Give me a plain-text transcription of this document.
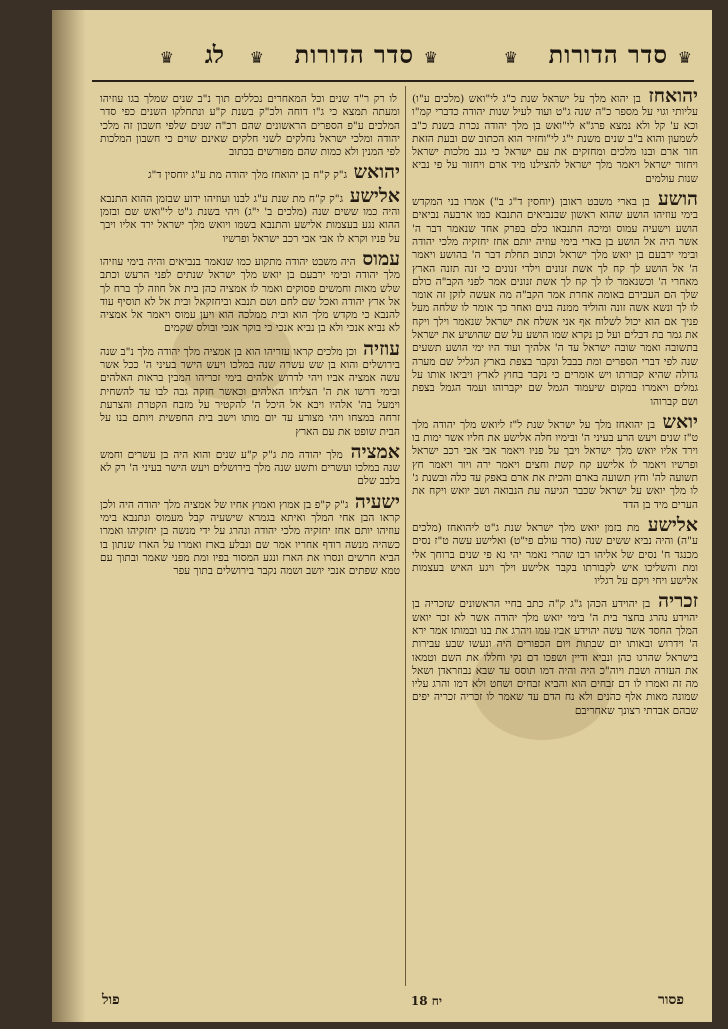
♛
סדר הדורות
♛
♛
סדר הדורות
♛
לג
♛

יהואחז בן יהוא מלך על ישראל שנת כ"ג לי"ואש (מלכים ע"ו) עליותי וגוי על מספר כ"ה שנה ג"ט ועוד לעיל שנות יהודה כדברי קמ"ו וכא ע' קל ולא נמצא פרג"א לי"ואש בן מלך יהודה נכרת בשנת כ"ב לשמעון והוא ב"ב שנים משנת י"ג לי"וחזיר הוא הכתוב שם ובעת הזאת חזר ארם ובנו מלכים ומחזקים את עם ישראל כי גנב מלכות ישראל ויחזור ישראל ויאמר מלך ישראל להצילנו מיד ארם ויחזור על פי נביא שנות עולמים

הושע בן בארי משבט ראובן (יוחסין ד"ג ב") אמרו בני המקדש בימי עוזיהו הושע שהוא ראשון שבנביאים התנבא כמו ארבעה נביאים הושע וישעיה עמוס ומיכה התנבאו כלם בפרק אחד שנאמר דבר ה' אשר היה אל הושע בן בארי בימי עוזיה יותם אחז יחזקיה מלכי יהודה ובימי ירבעם בן יואש מלך ישראל וכתוב תחלת דבר ה' בהושע ויאמר ה' אל הושע לך קח לך אשת זנונים וילדי זנונים כי זנה תזנה הארץ מאחרי ה' וכשנאמר לו לך קח לך אשת זנונים אמר לפני הקב"ה כולם שלך הם העבירם באומה אחרת אמר הקב"ה מה אעשה לזקן זה אומר לו לך ונשא אשה זונה והוליד ממנה בנים ואחר כך אומר לו שלחה מעל פניך אם הוא יכול לשלוח אף אני אשלח את ישראל שנאמר וילך ויקח את גמר בת דבלים ועל כן נקרא שמו הושע על שם שהושיע את ישראל בתשובה ואמר שובה ישראל עד ה' אלהיך ועוד היו ימי הושע תשעים שנה לפי דברי הספרים ומת בבבל ונקבר בצפת בארץ הגליל שם מערה גדולה שהיא קבורתו ויש אומרים כי נקבר בחוץ לארץ ויביאו אותו על גמלים ויאמרו במקום שיעמוד הגמל שם יקברוהו ועמד הגמל בצפת ושם קברוהו

יואש בן יהואחז מלך על ישראל שנת ל"ז ליואש מלך יהודה מלך ט"ז שנים ויעש הרע בעיני ה' ובימיו חלה אלישע את חליו אשר ימות בו וירד אליו יואש מלך ישראל ויבך על פניו ויאמר אבי אבי רכב ישראל ופרשיו ויאמר לו אלישע קח קשת וחצים ויאמר ירה ויור ויאמר חץ תשועה לה' וחץ תשועה בארם והכית את ארם באפק עד כלה ובשנת ג' לו מלך יואש על ישראל שכבר הגיעה עת הנבואה ושב יואש ויקח את הערים מיד בן הדד

אלישע מת בזמן יואש מלך ישראל שנת ג"ט ליהואחז (מלכים ע"ה) והיה נביא ששים שנה (סדר עולם פי"ט) ואלישע עשה ט"ז נסים מכנגד ח' נסים של אליהו רבו שהרי נאמר יהי נא פי שנים ברוחך אלי ומת והשליכו איש לקבורתו בקבר אלישע וילך ויגע האיש בעצמות אלישע ויחי ויקם על רגליו

זכריה בן יהוידע הכהן ג"ג ק"ה כתב בחיי הראשונים שזכריה בן יהוידע נהרג בחצר בית ה' בימי יואש מלך יהודה אשר לא זכר יואש המלך החסד אשר עשה יהוידע אביו עמו ויהרג את בנו ובמותו אמר ירא ה' וידרוש ובאותו יום שבתות ויום הכפורים היה ונעשו שבע עבירות בישראל שהרגו כהן ונביא ודיין ושפכו דם נקי וחללו את השם וטמאו את העזרה ושבת ויוה"כ היה והיה דמו תוסס עד שבא נבוזראדן ושאל מה זה ואמרו לו דם זבחים הוא והביא זבחים ושחט ולא דמו והרג עליו שמונה מאות אלף כהנים ולא נח הדם עד שאמר לו זכריה זכריה יפים שבהם אבדתי רצונך שאחריבם

לו רק ר"ד שנים וכל המאחרים נכללים תוך נ"ב שנים שמלך בגו עוזיהו ומעתה תמצא כי ג"ו דוחה ולכ"ק בשנת ק"ע ונתחלקו השנים כפי סדר המלכים ע"פ הספרים הראשונים שהם רכ"ה שנים שלפי חשבון זה מלכי יהודה ומלכי ישראל נחלקים לשני חלקים שאינם שוים כי חשבון המלכות לפי המנין ולא כמות שהם מפורשים בכתוב

יהואש ג"ק ק"ח בן יהואחז מלך יהודה מת ע"ג יוחסין ד"ג

אלישע ג"ק ק"ח מת שנת ע"ג לבנו ועוזיהו ידוע שבזמן ההוא התנבא והיה כמו ששים שנה (מלכים ב' י"ג) ויהי בשנת ג"ט לי"ואש שם ובזמן ההוא נגע בעצמות אלישע והתנבא בשמו ויואש מלך ישראל ירד אליו ויבך על פניו וקרא לו אבי אבי רכב ישראל ופרשיו

עמוס היה משבט יהודה מתקוע כמו שנאמר בנביאים והיה בימי עוזיהו מלך יהודה ובימי ירבעם בן יואש מלך ישראל שנתים לפני הרעש וכתב שלש מאות וחמשים פסוקים ואמר לו אמציה כהן בית אל חוזה לך ברח לך אל ארץ יהודה ואכל שם לחם ושם תנבא וביחזקאל ובית אל לא תוסיף עוד להנבא כי מקדש מלך הוא ובית ממלכה הוא ויען עמוס ויאמר אל אמציה לא נביא אנכי ולא בן נביא אנכי כי בוקר אנכי ובולס שקמים

עוזיה וכן מלכים קראו עזריהו הוא בן אמציה מלך יהודה מלך נ"ב שנה בירושלים והוא בן שש עשרה שנה במלכו ויעש הישר בעיני ה' ככל אשר עשה אמציה אביו ויהי לדרוש אלהים בימי זכריהו המבין בראות האלהים ובימי דרשו את ה' הצליחו האלהים וכאשר חזקה גבה לבו עד להשחית וימעל בה' אלהיו ויבא אל היכל ה' להקטיר על מזבח הקטרת והצרעת זרחה במצחו ויהי מצורע עד יום מותו וישב בית החפשית ויותם בנו על הבית שופט את עם הארץ

אמציה מלך יהודה מת ג"ק ק"ע שנים והוא היה בן עשרים וחמש שנה במלכו ועשרים ותשע שנה מלך בירושלים ויעש הישר בעיני ה' רק לא בלבב שלם

ישעיה ג"ק ק"פ בן אמוץ ואמוץ אחיו של אמציה מלך יהודה היה ולכן קראו הבן אחי המלך ואיתא בגמרא שישעיה קבל מעמוס ונתנבא בימי עוזיהו יותם אחז יחזקיה מלכי יהודה ונהרג על ידי מנשה בן יחזקיהו ואמרו כשהיה מנשה רודף אחריו אמר שם ונבלע בארז ואמרו על הארז שנתון בו הביא חרשים ונסרו את הארז ונגע המסור בפיו ומת מפני שאמר ובתוך עם טמא שפתים אנכי יושב ושמה נקבר בירושלים בתוך עפר

פסור
יח 18
פול
